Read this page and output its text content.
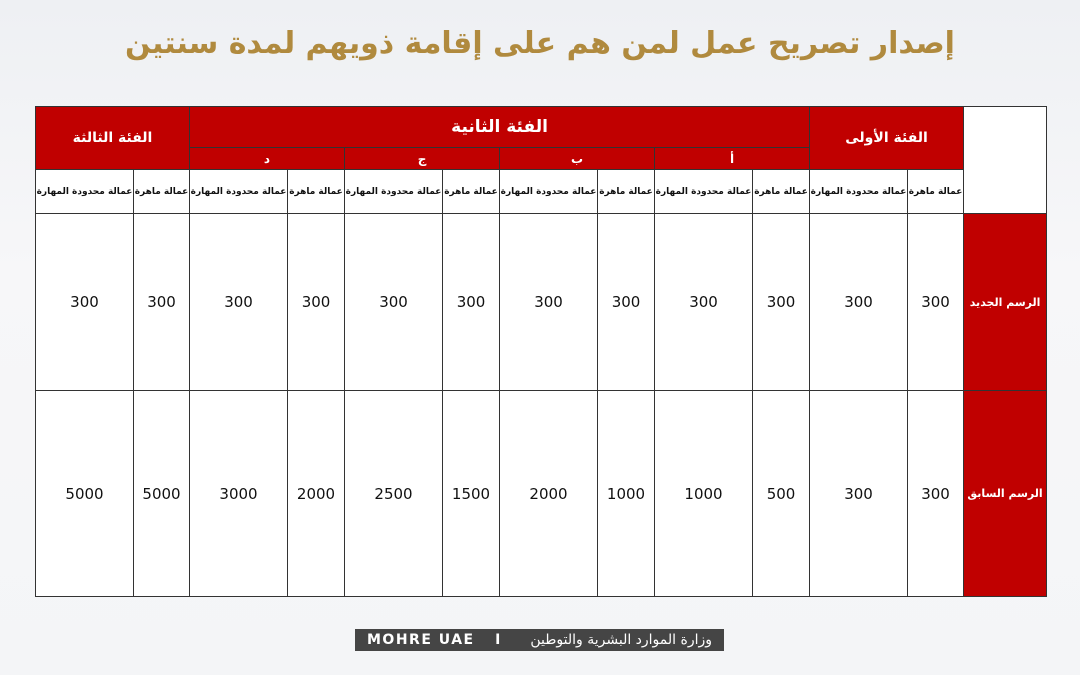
إصدار تصريح عمل لمن هم على إقامة ذويهم لمدة سنتين
الفئة الثالثة		الفئة الثانية								الفئة الأولى		
		د		ج		ب		أ				
عمالة محدودة المهارة	عمالة ماهرة	عمالة محدودة المهارة	عمالة ماهرة	عمالة محدودة المهارة	عمالة ماهرة	عمالة محدودة المهارة	عمالة ماهرة	عمالة محدودة المهارة	عمالة ماهرة	عمالة محدودة المهارة	عمالة ماهرة	
300	300	300	300	300	300	300	300	300	300	300	300	الرسم الجديد
5000	5000	3000	2000	2500	1500	2000	1000	1000	500	300	300	الرسم السابق
MOHRE UAE I وزارة الموارد البشرية والتوطين
